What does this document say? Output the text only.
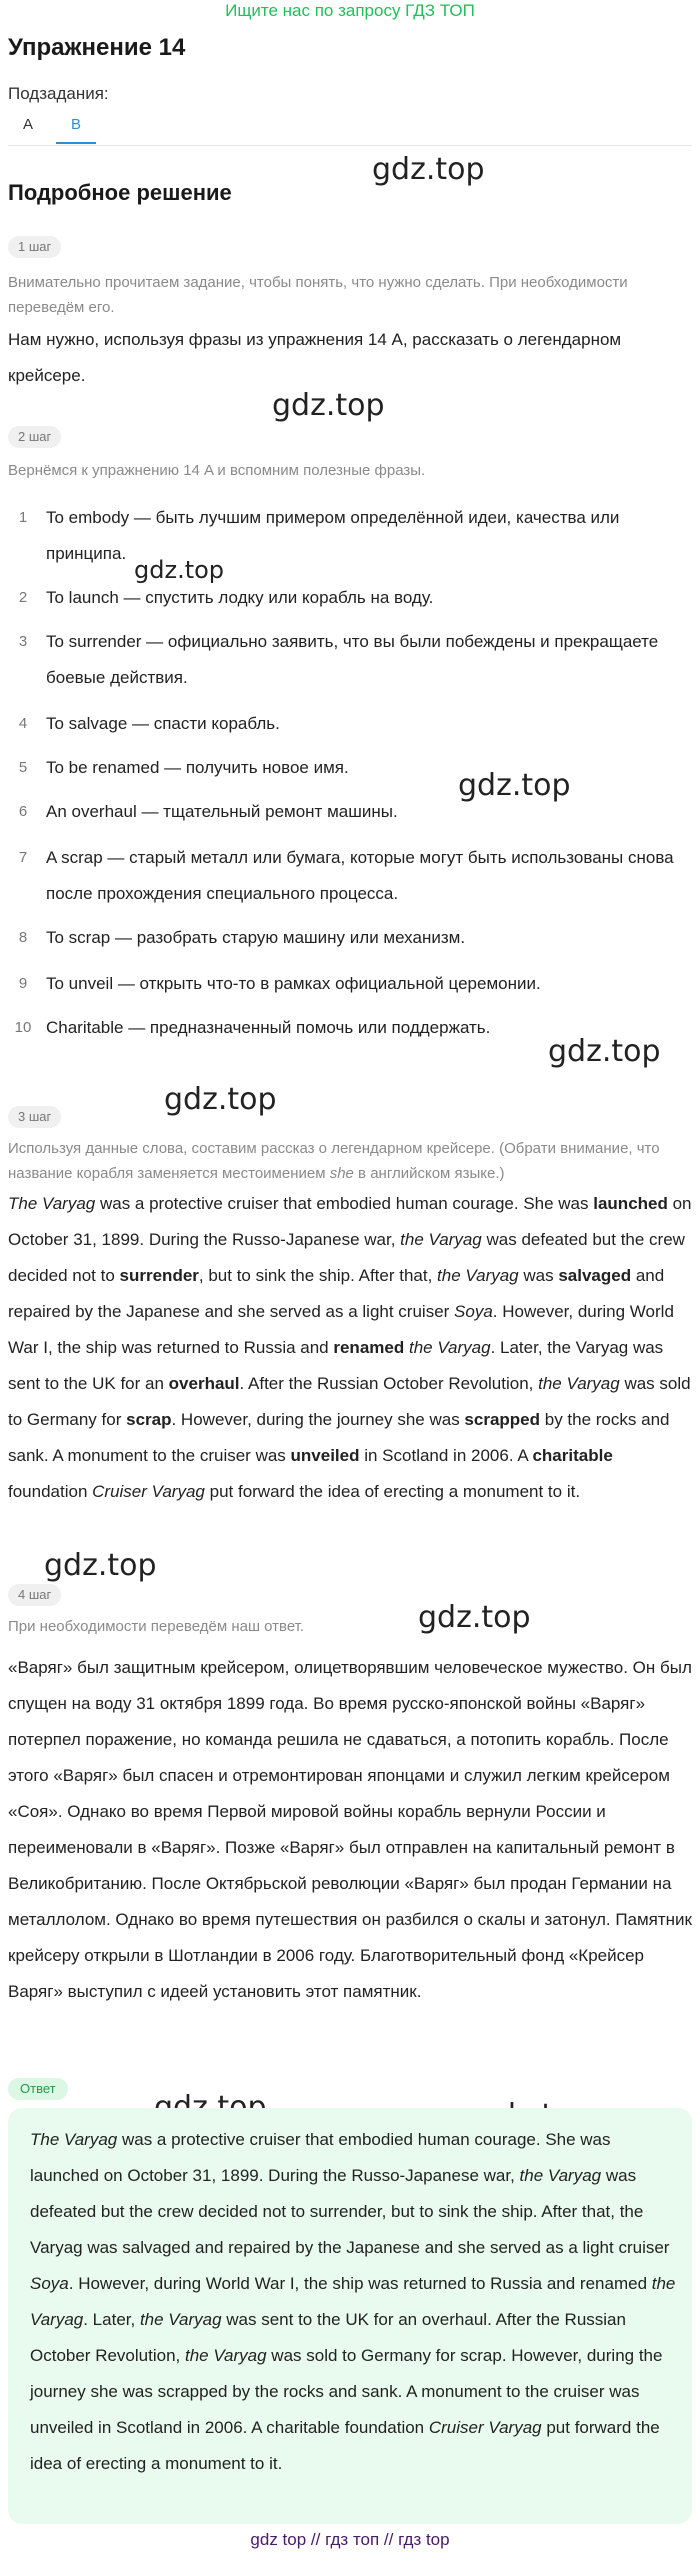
Ищите нас по запросу ГДЗ ТОП
Упражнение 14
Подзадания:
A	B
Подробное решение
gdz.top
gdz.top
gdz.top
gdz.top
gdz.top
gdz.top
gdz.top
gdz.top
1 шаг
Внимательно прочитаем задание, чтобы понять, что нужно сделать. При необходимости переведём его.
Нам нужно, используя фразы из упражнения 14 A, рассказать о легендарном крейсере.
2 шаг
Вернёмся к упражнению 14 A и вспомним полезные фразы.
1 To embody — быть лучшим примером определённой идеи, качества или принципа.
2 To launch — спустить лодку или корабль на воду.
3 To surrender — официально заявить, что вы были побеждены и прекращаете боевые действия.
4 To salvage — спасти корабль.
5 To be renamed — получить новое имя.
6 An overhaul — тщательный ремонт машины.
7 A scrap — старый металл или бумага, которые могут быть использованы снова после прохождения специального процесса.
8 To scrap — разобрать старую машину или механизм.
9 To unveil — открыть что-то в рамках официальной церемонии.
10 Charitable — предназначенный помочь или поддержать.
3 шаг
Используя данные слова, составим рассказ о легендарном крейсере. (Обрати внимание, что название корабля заменяется местоимением she в английском языке.)
The Varyag was a protective cruiser that embodied human courage. She was launched on October 31, 1899. During the Russo-Japanese war, the Varyag was defeated but the crew decided not to surrender, but to sink the ship. After that, the Varyag was salvaged and repaired by the Japanese and she served as a light cruiser Soya. However, during World War I, the ship was returned to Russia and renamed the Varyag. Later, the Varyag was sent to the UK for an overhaul. After the Russian October Revolution, the Varyag was sold to Germany for scrap. However, during the journey she was scrapped by the rocks and sank. A monument to the cruiser was unveiled in Scotland in 2006. A charitable foundation Cruiser Varyag put forward the idea of erecting a monument to it.
4 шаг
При необходимости переведём наш ответ.
«Варяг» был защитным крейсером, олицетворявшим человеческое мужество. Он был спущен на воду 31 октября 1899 года. Во время русско-японской войны «Варяг» потерпел поражение, но команда решила не сдаваться, а потопить корабль. После этого «Варяг» был спасен и отремонтирован японцами и служил легким крейсером «Соя». Однако во время Первой мировой войны корабль вернули России и переименовали в «Варяг». Позже «Варяг» был отправлен на капитальный ремонт в Великобританию. После Октябрьской революции «Варяг» был продан Германии на металлолом. Однако во время путешествия он разбился о скалы и затонул. Памятник крейсеру открыли в Шотландии в 2006 году. Благотворительный фонд «Крейсер Варяг» выступил с идеей установить этот памятник.
Ответ
The Varyag was a protective cruiser that embodied human courage. She was launched on October 31, 1899. During the Russo-Japanese war, the Varyag was defeated but the crew decided not to surrender, but to sink the ship. After that, the Varyag was salvaged and repaired by the Japanese and she served as a light cruiser Soya. However, during World War I, the ship was returned to Russia and renamed the Varyag. Later, the Varyag was sent to the UK for an overhaul. After the Russian October Revolution, the Varyag was sold to Germany for scrap. However, during the journey she was scrapped by the rocks and sank. A monument to the cruiser was unveiled in Scotland in 2006. A charitable foundation Cruiser Varyag put forward the idea of erecting a monument to it.
gdz top // гдз топ // гдз top
